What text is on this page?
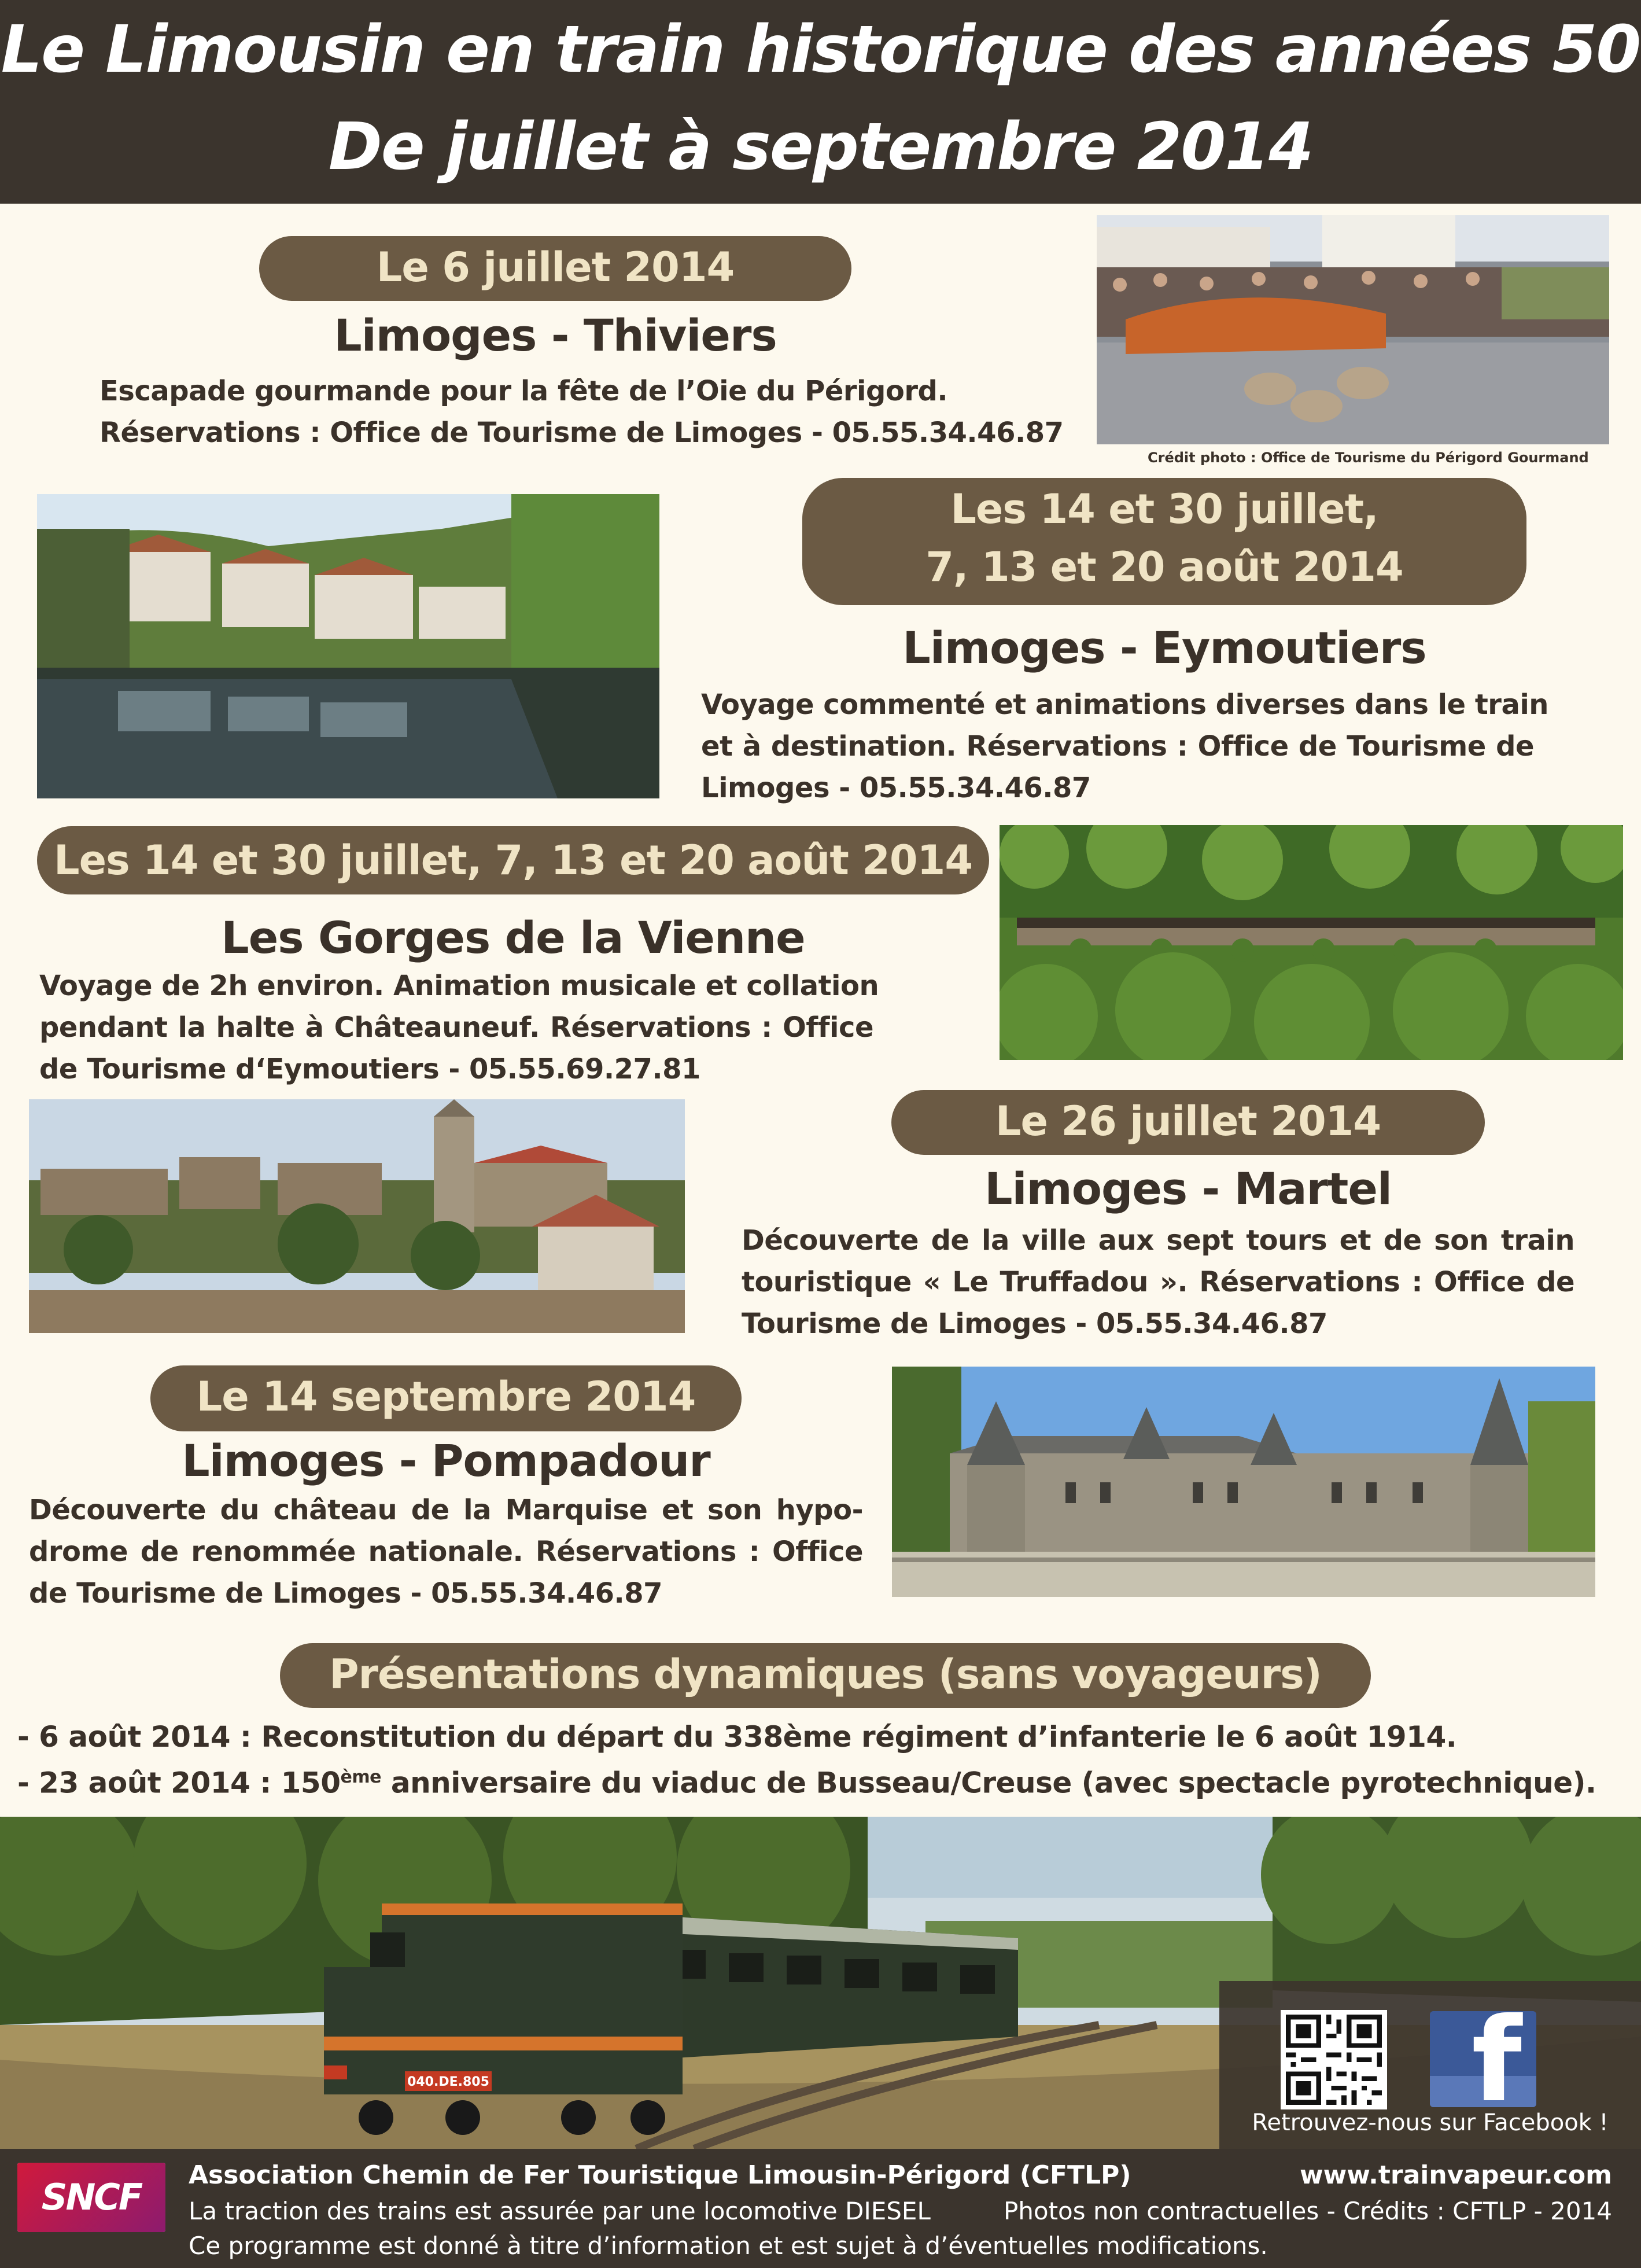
Le Limousin en train historique des années 50
De juillet à septembre 2014
Le 6 juillet 2014
Limoges - Thiviers
Escapade gourmande pour la fête de l’Oie du Périgord.
Réservations : Office de Tourisme de Limoges - 05.55.34.46.87
Crédit photo : Office de Tourisme du Périgord Gourmand
Les 14 et 30 juillet,
7, 13 et 20 août 2014
Limoges - Eymoutiers
Voyage commenté et animations diverses dans le train
et à destination. Réservations : Office de Tourisme de
Limoges - 05.55.34.46.87
Les 14 et 30 juillet, 7, 13 et 20 août 2014
Les Gorges de la Vienne
Voyage de 2h environ. Animation musicale et collation
pendant la halte à Châteauneuf. Réservations : Office
de Tourisme d‘Eymoutiers - 05.55.69.27.81
Le 26 juillet 2014
Limoges - Martel
Découverte de la ville aux sept tours et de son train
touristique « Le Truffadou ». Réservations : Office de
Tourisme de Limoges - 05.55.34.46.87
Le 14 septembre 2014
Limoges - Pompadour
Découverte du château de la Marquise et son hypo-
drome de renommée nationale. Réservations : Office
de Tourisme de Limoges - 05.55.34.46.87
Présentations dynamiques (sans voyageurs)
- 6 août 2014 : Reconstitution du départ du 338ème régiment d’infanterie le 6 août 1914.
- 23 août 2014 : 150ème anniversaire du viaduc de Busseau/Creuse (avec spectacle pyrotechnique).
040.DE.805	f
Retrouvez-nous sur Facebook !
SNCF
Association Chemin de Fer Touristique Limousin-Périgord (CFTLP)	www.trainvapeur.com
La traction des trains est assurée par une locomotive DIESEL	Photos non contractuelles - Crédits : CFTLP - 2014
Ce programme est donné à titre d’information et est sujet à d’éventuelles modifications.
